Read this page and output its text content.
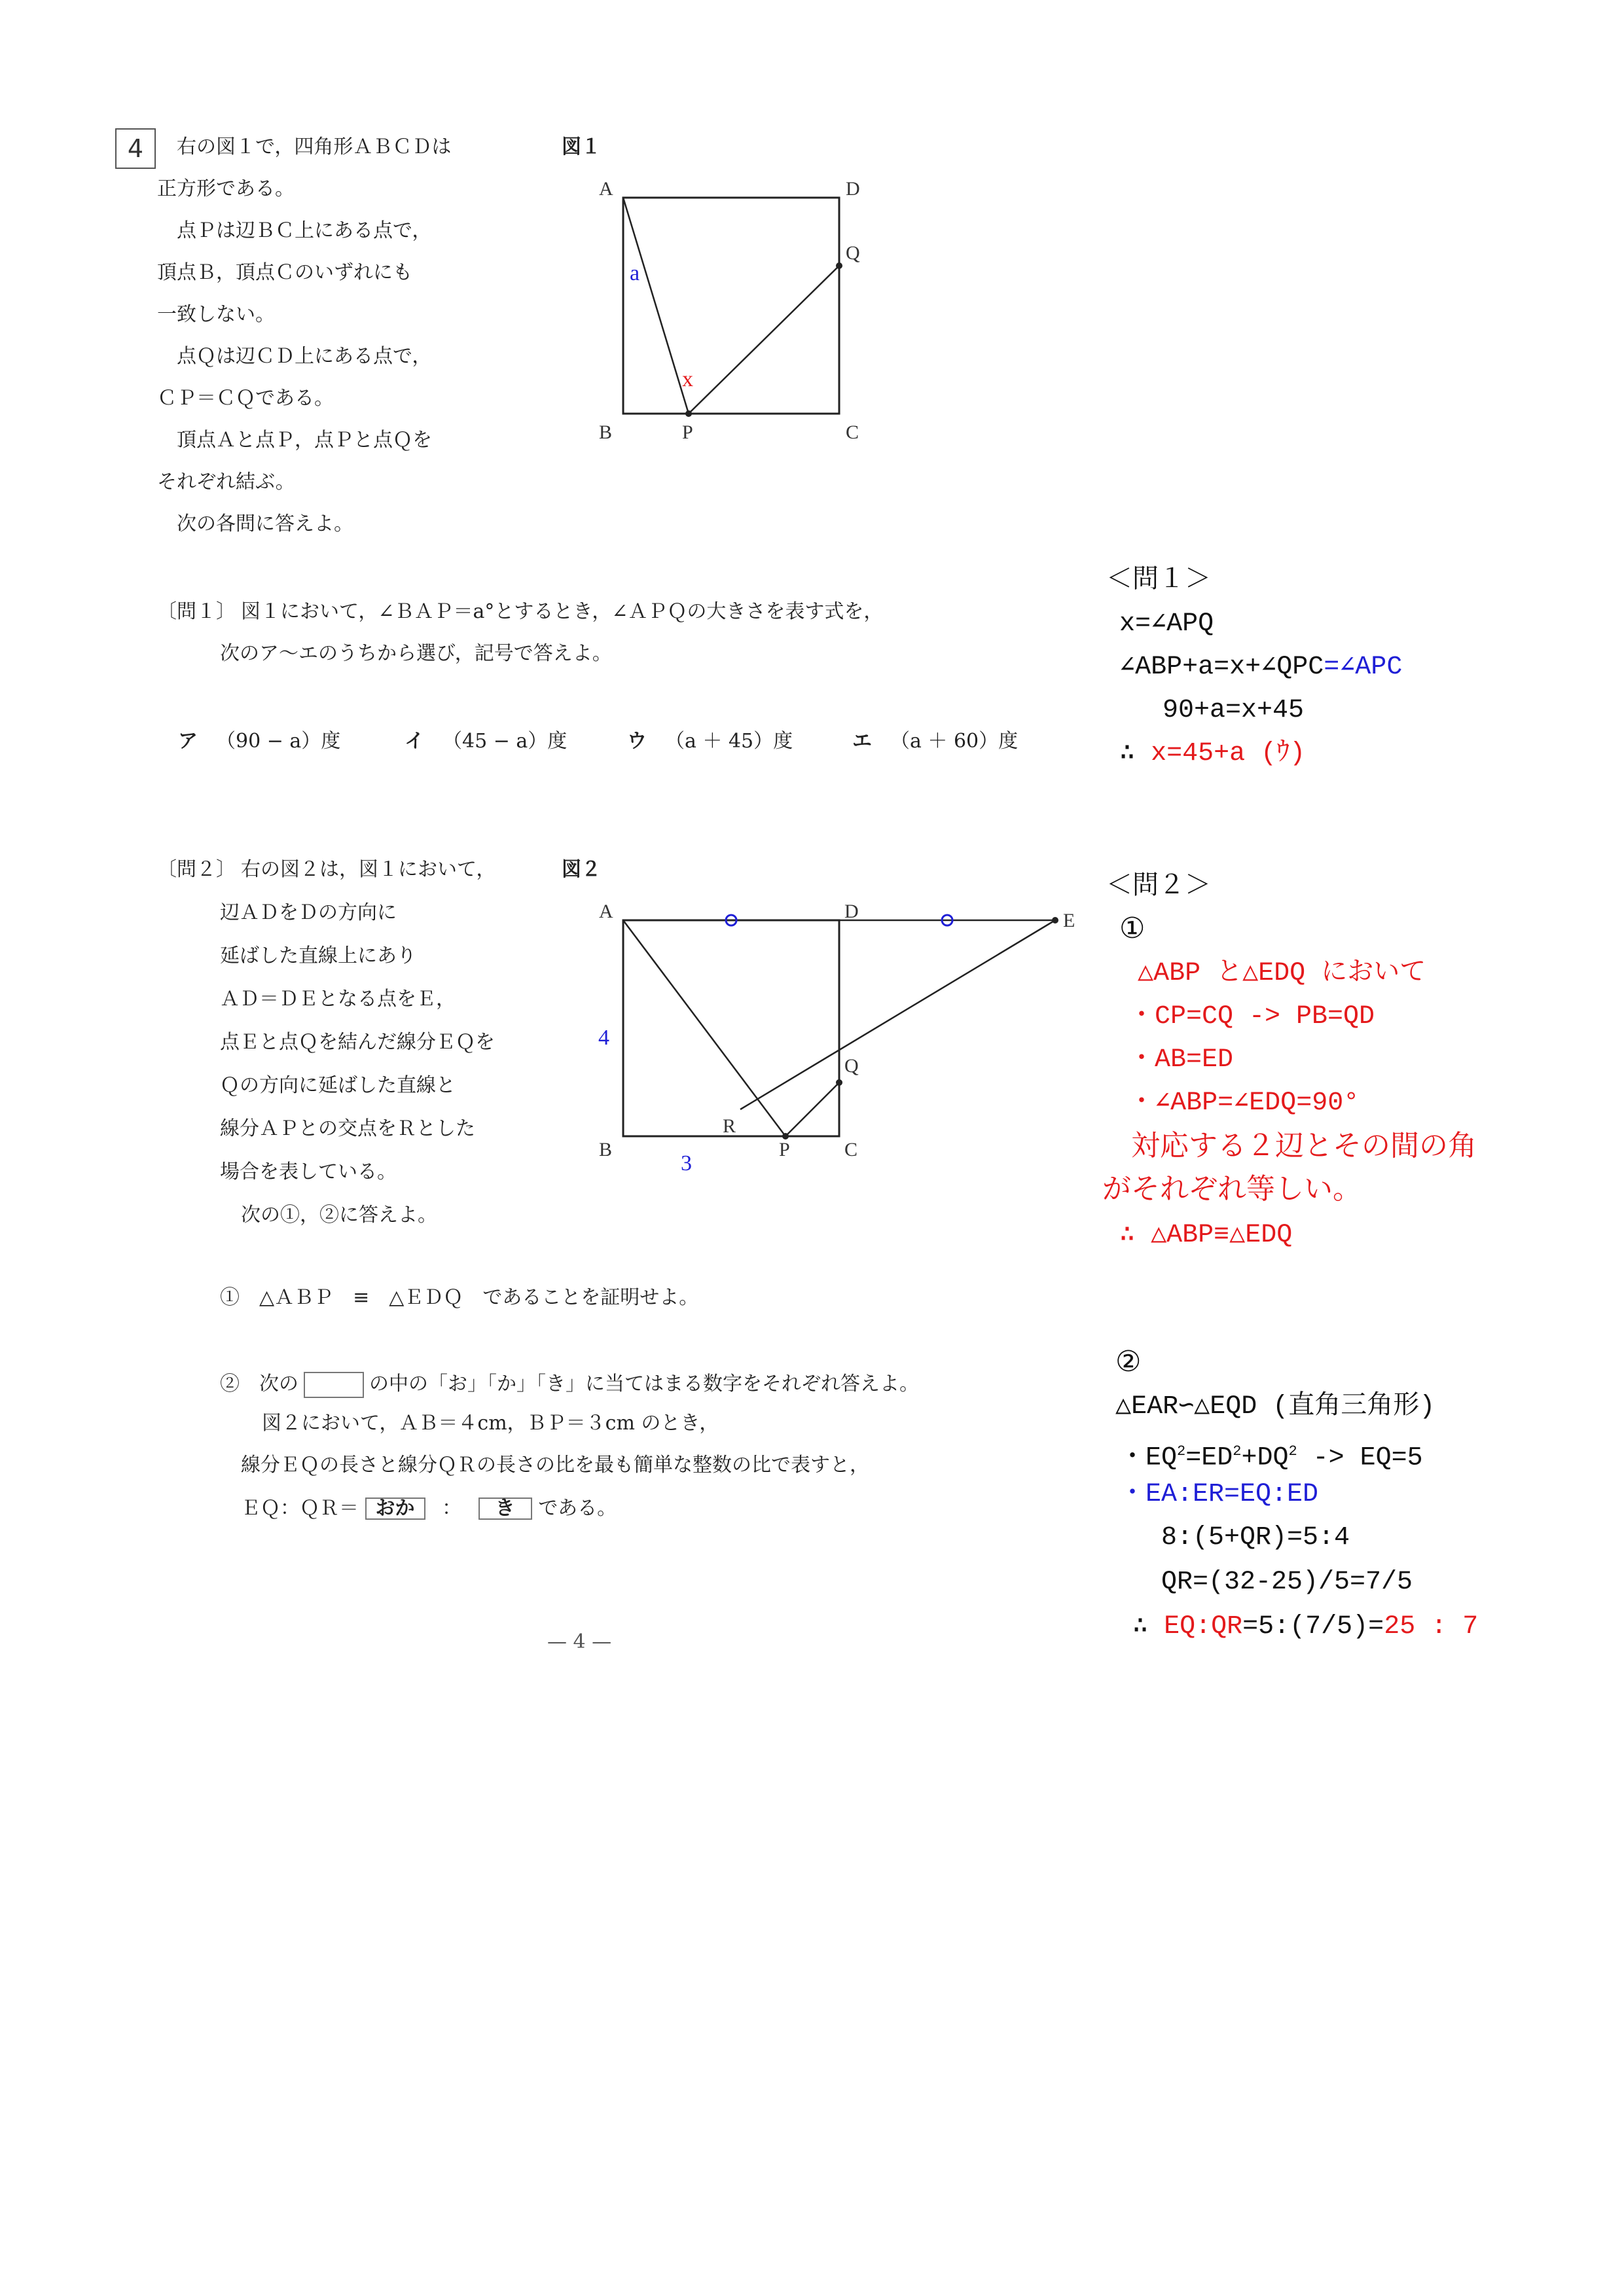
4	右の図１で，四角形ＡＢＣＤは
正方形である。
　点Ｐは辺ＢＣ上にある点で，
頂点Ｂ，頂点Ｃのいずれにも
一致しない。
　点Ｑは辺ＣＤ上にある点で，
ＣＰ＝ＣＱである。
　頂点Ａと点Ｐ，点Ｐと点Ｑを
それぞれ結ぶ。
　次の各問に答えよ。
図１
A	D
B	C
P
Q
a
x
〔問１〕 図１において，∠ＢＡＰ＝a°とするとき，∠ＡＰＱの大きさを表す式を，
次のア～エのうちから選び，記号で答えよ。
ア （90 − a）度	イ （45 − a）度	ウ （a ＋ 45）度	エ （a ＋ 60）度
〔問２〕 右の図２は，図１において，
辺ＡＤをＤの方向に
延ばした直線上にあり
ＡＤ＝ＤＥとなる点をＥ，
点Ｅと点Ｑを結んだ線分ＥＱを
Ｑの方向に延ばした直線と
線分ＡＰとの交点をＲとした
場合を表している。
次の①，②に答えよ。
図２
A	D	E
B	C
P
Q
R
4
3
①　△ＡＢＰ　≡　△ＥＤＱ　であることを証明せよ。
②　次の	の中の「お」「か」「き」に当てはまる数字をそれぞれ答えよ。
図２において，ＡＢ＝４cm，ＢＰ＝３cm のとき，
線分ＥＱの長さと線分ＱＲの長さの比を最も簡単な整数の比で表すと，
ＥＱ：ＱＲ＝ おか ： き である。
— 4 —
＜問１＞
x=∠APQ
∠ABP+a=x+∠QPC=∠APC
90+a=x+45
∴ x=45+a (ｳ)
＜問２＞
①
△ABP と△EDQ において
・CP=CQ -> PB=QD
・AB=ED
・∠ABP=∠EDQ=90°
対応する２辺とその間の角
がそれぞれ等しい。
∴ △ABP≡△EDQ
②
△EAR∽△EQD (直角三角形)
・$EQ^2=ED^2+DQ^2 -> EQ=5$
・EA:ER=EQ:ED
8:(5+QR)=5:4
QR=(32-25)/5=7/5
∴ EQ:QR=5:(7/5)=25 : 7
